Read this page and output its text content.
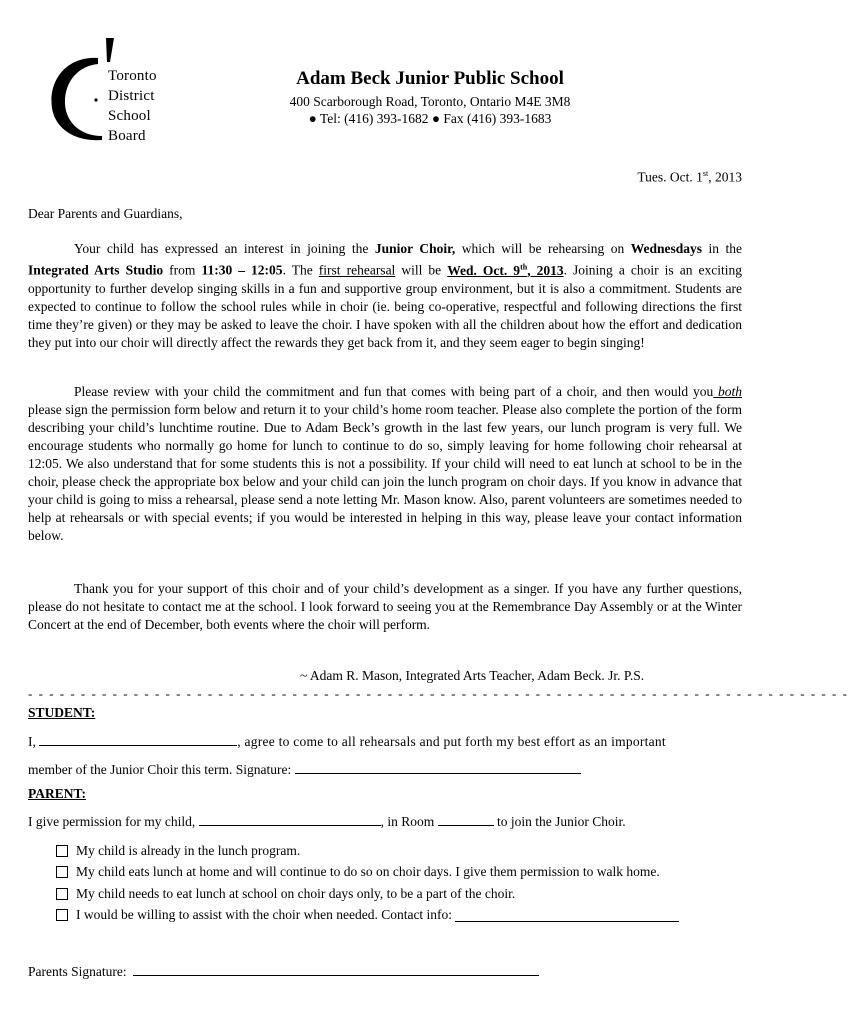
Toronto
District
School
Board
Adam Beck Junior Public School
400 Scarborough Road, Toronto, Ontario M4E 3M8
● Tel: (416) 393-1682 ● Fax (416) 393-1683
Tues. Oct. 1st, 2013
Dear Parents and Guardians,
Your child has expressed an interest in joining the Junior Choir, which will be rehearsing on Wednesdays in the Integrated Arts Studio from 11:30 – 12:05. The first rehearsal will be Wed. Oct. 9th, 2013. Joining a choir is an exciting opportunity to further develop singing skills in a fun and supportive group environment, but it is also a commitment. Students are expected to continue to follow the school rules while in choir (ie. being co-operative, respectful and following directions the first time they’re given) or they may be asked to leave the choir. I have spoken with all the children about how the effort and dedication they put into our choir will directly affect the rewards they get back from it, and they seem eager to begin singing!
Please review with your child the commitment and fun that comes with being part of a choir, and then would you both please sign the permission form below and return it to your child’s home room teacher. Please also complete the portion of the form describing your child’s lunchtime routine. Due to Adam Beck’s growth in the last few years, our lunch program is very full. We encourage students who normally go home for lunch to continue to do so, simply leaving for home following choir rehearsal at 12:05. We also understand that for some students this is not a possibility. If your child will need to eat lunch at school to be in the choir, please check the appropriate box below and your child can join the lunch program on choir days. If you know in advance that your child is going to miss a rehearsal, please send a note letting Mr. Mason know. Also, parent volunteers are sometimes needed to help at rehearsals or with special events; if you would be interested in helping in this way, please leave your contact information below.
Thank you for your support of this choir and of your child’s development as a singer. If you have any further questions, please do not hesitate to contact me at the school. I look forward to seeing you at the Remembrance Day Assembly or at the Winter Concert at the end of December, both events where the choir will perform.
~ Adam R. Mason, Integrated Arts Teacher, Adam Beck. Jr. P.S.
- - - - - - - - - - - - - - - - - - - - - - - - - - - - - - - - - - - - - - - - - - - - - - - - - - - - - - - - - - - - - - - - - - - - - - - - - - - - - -
STUDENT:
I,	, agree to come to all rehearsals and put forth my best effort as an important
member of the Junior Choir this term. Signature:
PARENT:
I give permission for my child,	, in Room	to join the Junior Choir.
My child is already in the lunch program.
My child eats lunch at home and will continue to do so on choir days. I give them permission to walk home.
My child needs to eat lunch at school on choir days only, to be a part of the choir.
I would be willing to assist with the choir when needed. Contact info:

Parents Signature:
